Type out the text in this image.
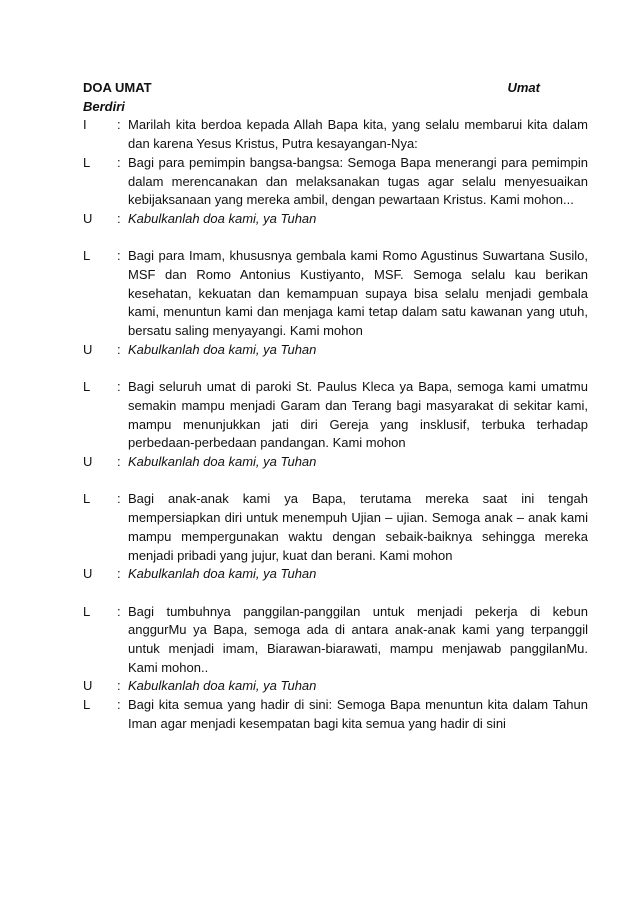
DOA UMAT	Umat
Berdiri
I	: Marilah kita berdoa kepada Allah Bapa kita, yang selalu membarui kita dalam dan karena Yesus Kristus, Putra kesayangan-Nya:
L	: Bagi para pemimpin bangsa-bangsa: Semoga Bapa menerangi para pemimpin dalam merencanakan dan melaksanakan tugas agar selalu menyesuaikan kebijaksanaan yang mereka ambil, dengan pewartaan Kristus. Kami mohon...
U	: Kabulkanlah doa kami, ya Tuhan
L	: Bagi para Imam, khususnya gembala kami Romo Agustinus Suwartana Susilo, MSF dan Romo Antonius Kustiyanto, MSF. Semoga selalu kau berikan kesehatan, kekuatan dan kemampuan supaya bisa selalu menjadi gembala kami, menuntun kami dan menjaga kami tetap dalam satu kawanan yang utuh, bersatu saling menyayangi. Kami mohon
U	: Kabulkanlah doa kami, ya Tuhan
L	: Bagi seluruh umat di paroki St. Paulus Kleca ya Bapa, semoga kami umatmu semakin mampu menjadi Garam dan Terang bagi masyarakat di sekitar kami, mampu menunjukkan jati diri Gereja yang insklusif, terbuka terhadap perbedaan-perbedaan pandangan. Kami mohon
U	: Kabulkanlah doa kami, ya Tuhan
L	: Bagi anak-anak kami ya Bapa, terutama mereka saat ini tengah mempersiapkan diri untuk menempuh Ujian – ujian. Semoga anak – anak kami mampu mempergunakan waktu dengan sebaik-baiknya sehingga mereka menjadi pribadi yang jujur, kuat dan berani. Kami mohon
U	: Kabulkanlah doa kami, ya Tuhan
L	: Bagi tumbuhnya panggilan-panggilan untuk menjadi pekerja di kebun anggurMu ya Bapa, semoga ada di antara anak-anak kami yang terpanggil untuk menjadi imam, Biarawan-biarawati, mampu menjawab panggilanMu. Kami mohon..
U	: Kabulkanlah doa kami, ya Tuhan
L	: Bagi kita semua yang hadir di sini: Semoga Bapa menuntun kita dalam Tahun Iman agar menjadi kesempatan bagi kita semua yang hadir di sini
